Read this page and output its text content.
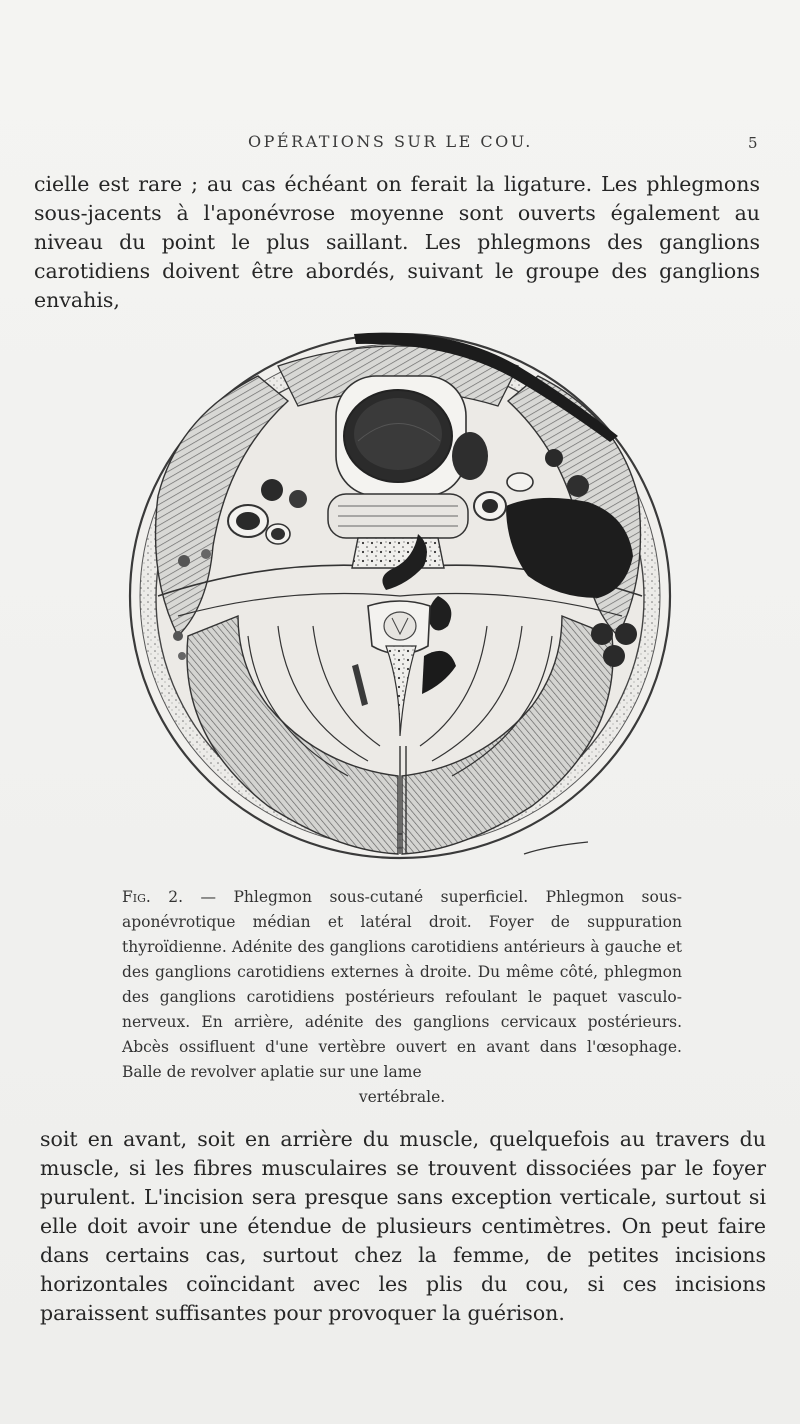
OPÉRATIONS SUR LE COU.	5
cielle est rare ; au cas échéant on ferait la ligature. Les phlegmons sous-jacents à l'aponévrose moyenne sont ouverts également au niveau du point le plus saillant. Les phlegmons des ganglions carotidiens doivent être abordés, suivant le groupe des ganglions envahis,
Fig. 2. — Phlegmon sous-cutané superficiel. Phlegmon sous-aponévrotique médian et latéral droit. Foyer de suppuration thyroïdienne. Adénite des ganglions carotidiens antérieurs à gauche et des ganglions carotidiens externes à droite. Du même côté, phlegmon des ganglions carotidiens postérieurs refoulant le paquet vasculo-nerveux. En arrière, adénite des ganglions cervicaux postérieurs. Abcès ossifluent d'une vertèbre ouvert en avant dans l'œsophage. Balle de revolver aplatie sur une lame
vertébrale.
soit en avant, soit en arrière du muscle, quelquefois au travers du muscle, si les fibres musculaires se trouvent dissociées par le foyer purulent. L'incision sera presque sans exception verticale, surtout si elle doit avoir une étendue de plusieurs centimètres. On peut faire dans certains cas, surtout chez la femme, de petites incisions horizontales coïncidant avec les plis du cou, si ces incisions paraissent suffisantes pour provoquer la guérison.
